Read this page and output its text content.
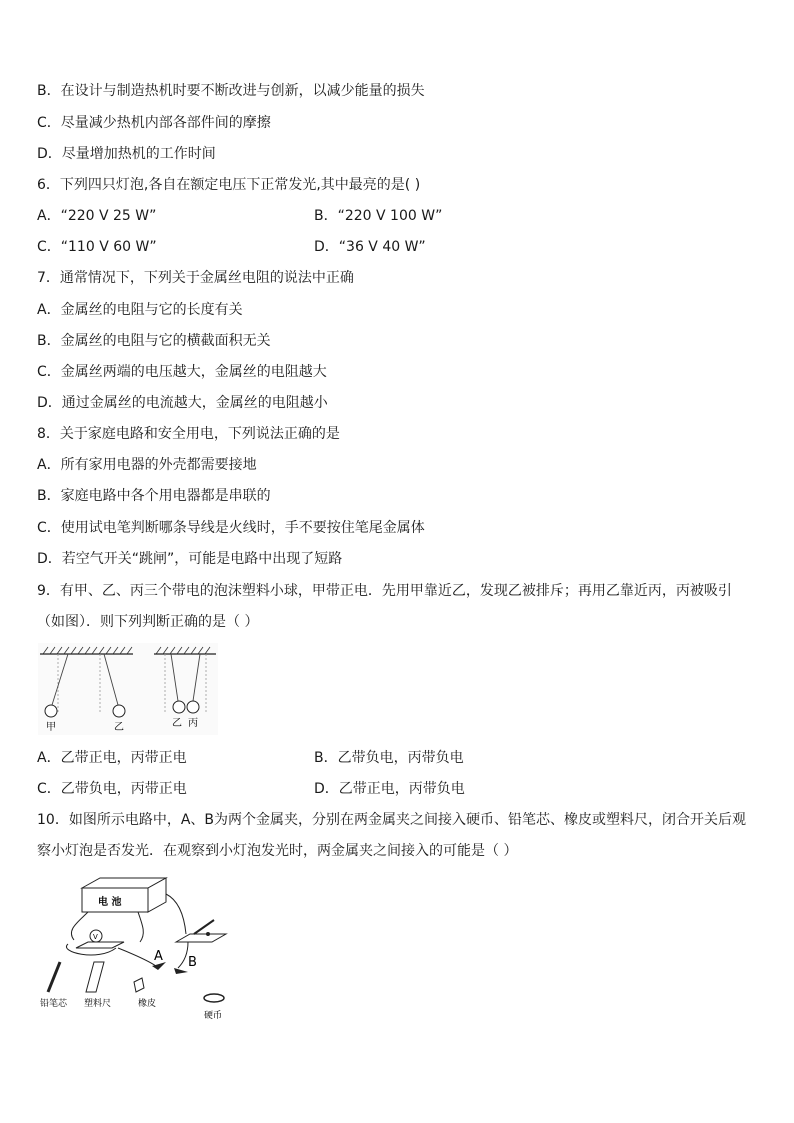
B．在设计与制造热机时要不断改进与创新，以减少能量的损失
C．尽量减少热机内部各部件间的摩擦
D．尽量增加热机的工作时间
6．下列四只灯泡,各自在额定电压下正常发光,其中最亮的是( )
A．“220 V 25 W”	B．“220 V 100 W”
C．“110 V 60 W”	D．“36 V 40 W”
7．通常情况下，下列关于金属丝电阻的说法中正确
A．金属丝的电阻与它的长度有关
B．金属丝的电阻与它的横截面积无关
C．金属丝两端的电压越大，金属丝的电阻越大
D．通过金属丝的电流越大，金属丝的电阻越小
8．关于家庭电路和安全用电，下列说法正确的是
A．所有家用电器的外壳都需要接地
B．家庭电路中各个用电器都是串联的
C．使用试电笔判断哪条导线是火线时，手不要按住笔尾金属体
D．若空气开关“跳闸”，可能是电路中出现了短路
9．有甲、乙、丙三个带电的泡沫塑料小球，甲带正电．先用甲靠近乙，发现乙被排斥；再用乙靠近丙，丙被吸引（如图）．则下列判断正确的是（ ）
甲	乙	乙 丙
A．乙带正电，丙带正电	B．乙带负电，丙带负电
C．乙带负电，丙带正电	D．乙带正电，丙带负电
10．如图所示电路中，A、B为两个金属夹，分别在两金属夹之间接入硬币、铅笔芯、橡皮或塑料尺，闭合开关后观察小灯泡是否发光．在观察到小灯泡发光时，两金属夹之间接入的可能是（ ）
电 池
V
A B
铅笔芯 塑料尺	橡皮
硬币
